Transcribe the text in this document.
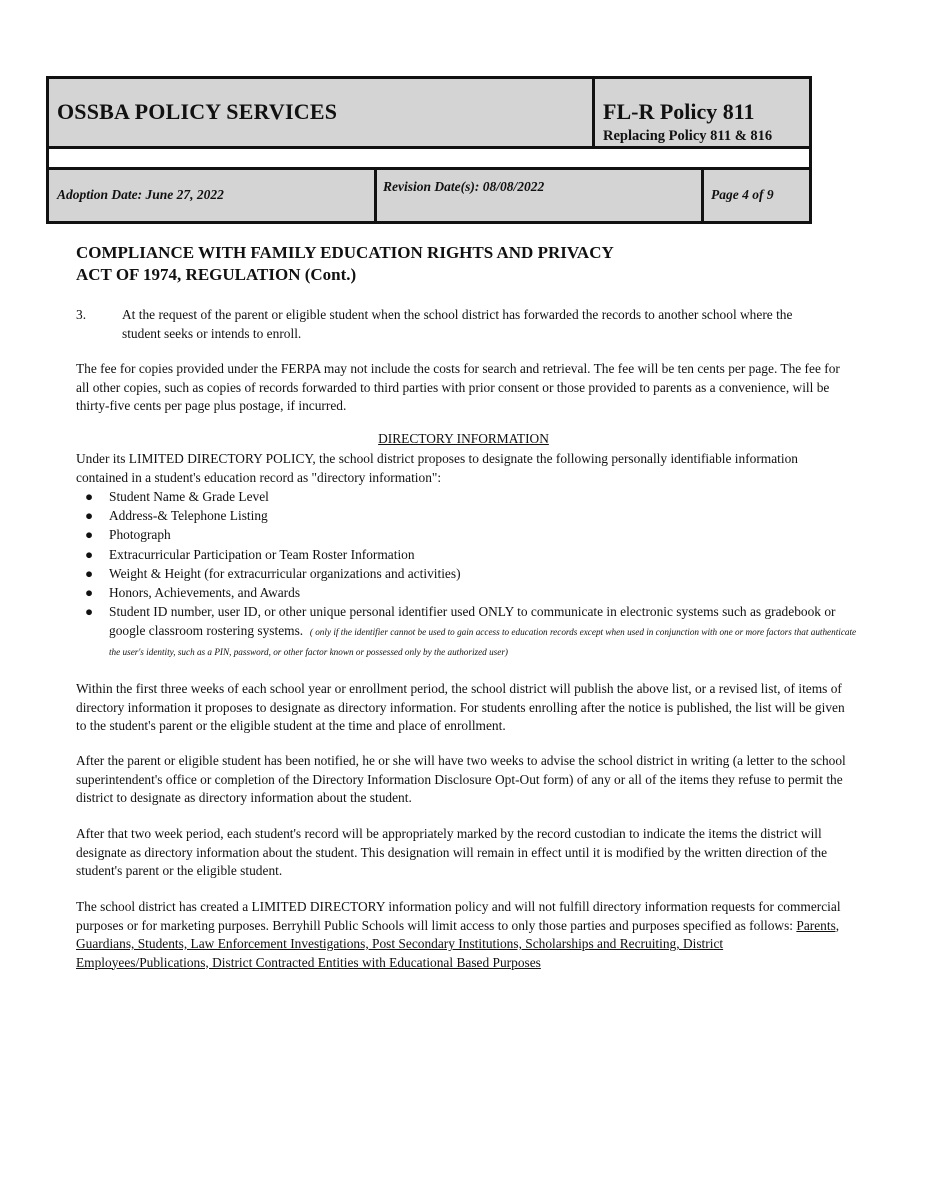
OSSBA POLICY SERVICES	FL-R Policy 811
Replacing Policy 811 & 816
Adoption Date: June 27, 2022
Revision Date(s): 08/08/2022
Page 4 of 9
COMPLIANCE WITH FAMILY EDUCATION RIGHTS AND PRIVACY
ACT OF 1974, REGULATION (Cont.)
3.	At the request of the parent or eligible student when the school district has forwarded the records to another school where the student seeks or intends to enroll.

The fee for copies provided under the FERPA may not include the costs for search and retrieval. The fee will be ten cents per page. The fee for all other copies, such as copies of records forwarded to third parties with prior consent or those provided to parents as a convenience, will be thirty-five cents per page plus postage, if incurred.

DIRECTORY INFORMATION

Under its LIMITED DIRECTORY POLICY, the school district proposes to designate the following personally identifiable information contained in a student's education record as "directory information":

● Student Name & Grade Level
● Address-& Telephone Listing
● Photograph
● Extracurricular Participation or Team Roster Information
● Weight & Height (for extracurricular organizations and activities)
● Honors, Achievements, and Awards
● Student ID number, user ID, or other unique personal identifier used ONLY to communicate in electronic systems such as gradebook or google classroom rostering systems. ( only if the identifier cannot be used to gain access to education records except when used in conjunction with one or more factors that authenticate the user's identity, such as a PIN, password, or other factor known or possessed only by the authorized user)

Within the first three weeks of each school year or enrollment period, the school district will publish the above list, or a revised list, of items of directory information it proposes to designate as directory information. For students enrolling after the notice is published, the list will be given to the student's parent or the eligible student at the time and place of enrollment.

After the parent or eligible student has been notified, he or she will have two weeks to advise the school district in writing (a letter to the school superintendent's office or completion of the Directory Information Disclosure Opt-Out form) of any or all of the items they refuse to permit the district to designate as directory information about the student.

After that two week period, each student's record will be appropriately marked by the record custodian to indicate the items the district will designate as directory information about the student. This designation will remain in effect until it is modified by the written direction of the student's parent or the eligible student.

The school district has created a LIMITED DIRECTORY information policy and will not fulfill directory information requests for commercial purposes or for marketing purposes. Berryhill Public Schools will limit access to only those parties and purposes specified as follows: Parents, Guardians, Students, Law Enforcement Investigations, Post Secondary Institutions, Scholarships and Recruiting, District Employees/Publications, District Contracted Entities with Educational Based Purposes
